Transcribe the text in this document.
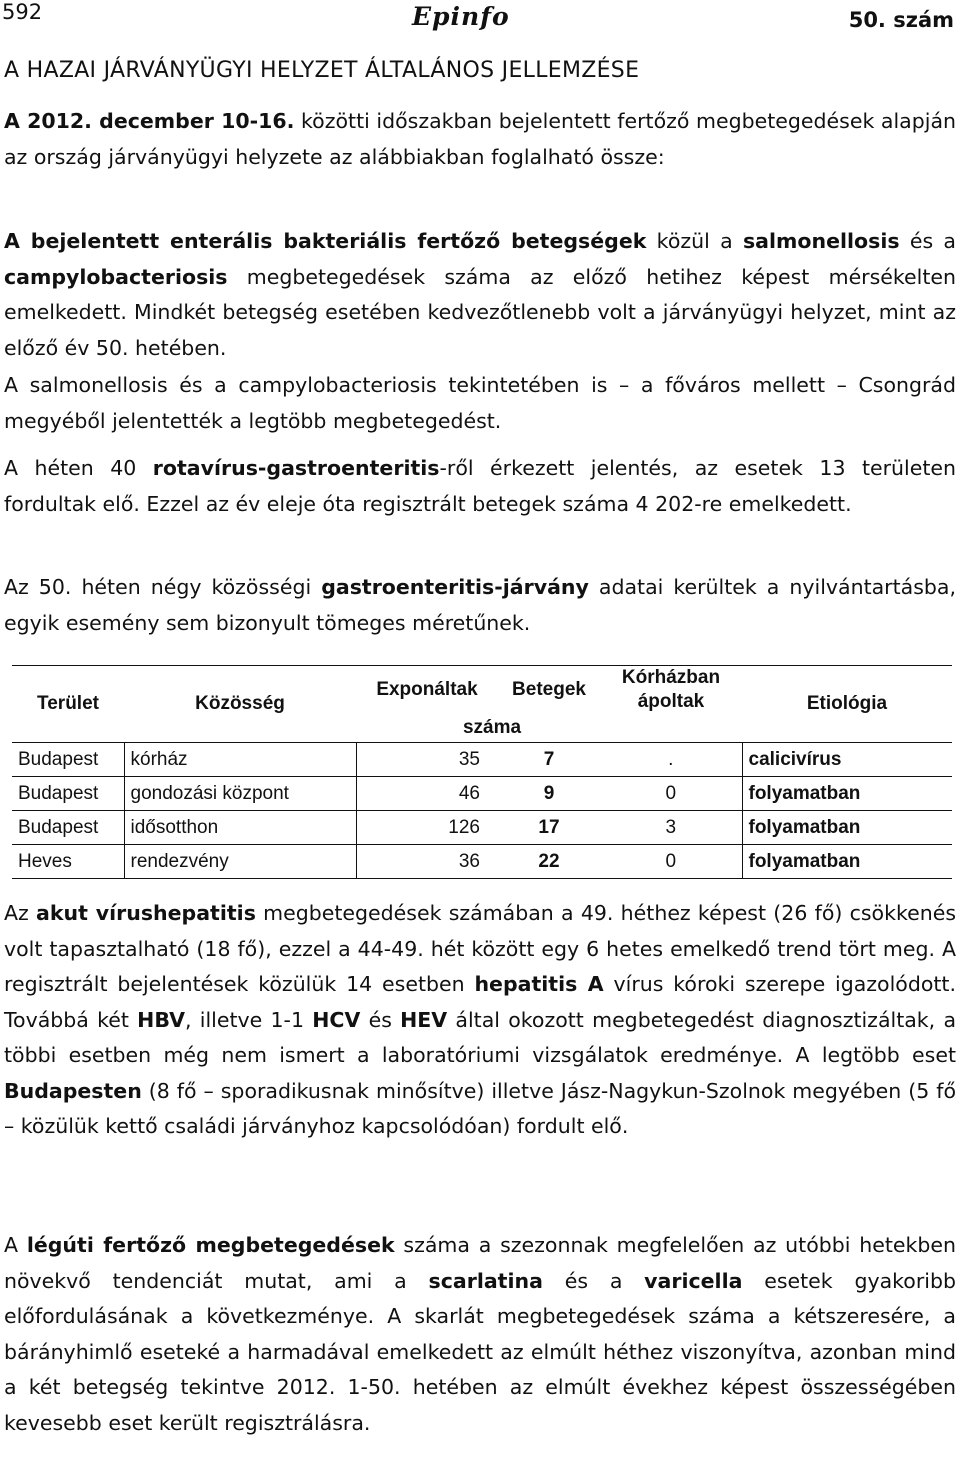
592	Epinfo	50. szám
A HAZAI JÁRVÁNYÜGYI HELYZET ÁLTALÁNOS JELLEMZÉSE

A 2012. december 10-16. közötti időszakban bejelentett fertőző megbetegedések alapján az ország járványügyi helyzete az alábbiakban foglalható össze:

A bejelentett enterális bakteriális fertőző betegségek közül a salmonellosis és a campylobacteriosis megbetegedések száma az előző hetihez képest mérsékelten emelkedett. Mindkét betegség esetében kedvezőtlenebb volt a járványügyi helyzet, mint az előző év 50. hetében.

A salmonellosis és a campylobacteriosis tekintetében is – a főváros mellett – Csongrád megyéből jelentették a legtöbb megbetegedést.

A héten 40 rotavírus-gastroenteritis-ről érkezett jelentés, az esetek 13 területen fordultak elő. Ezzel az év eleje óta regisztrált betegek száma 4 202-re emelkedett.

Az 50. héten négy közösségi gastroenteritis-járvány adatai kerültek a nyilvántartásba, egyik esemény sem bizonyult tömeges méretűnek.

Terület	Közösség	Exponáltak	Betegek	Kórházban ápoltak	Etiológia
		száma			
Budapest	kórház	35	7	.	calicivírus
Budapest	gondozási központ	46	9	0	folyamatban
Budapest	idősotthon	126	17	3	folyamatban
Heves	rendezvény	36	22	0	folyamatban

Az akut vírushepatitis megbetegedések számában a 49. héthez képest (26 fő) csökkenés volt tapasztalható (18 fő), ezzel a 44-49. hét között egy 6 hetes emelkedő trend tört meg. A regisztrált bejelentések közülük 14 esetben hepatitis A vírus kóroki szerepe igazolódott. Továbbá két HBV, illetve 1-1 HCV és HEV által okozott megbetegedést diagnosztizáltak, a többi esetben még nem ismert a laboratóriumi vizsgálatok eredménye. A legtöbb eset Budapesten (8 fő – sporadikusnak minősítve) illetve Jász-Nagykun-Szolnok megyében (5 fő – közülük kettő családi járványhoz kapcsolódóan) fordult elő.

A légúti fertőző megbetegedések száma a szezonnak megfelelően az utóbbi hetekben növekvő tendenciát mutat, ami a scarlatina és a varicella esetek gyakoribb előfordulásának a következménye. A skarlát megbetegedések száma a kétszeresére, a bárányhimlő eseteké a harmadával emelkedett az elmúlt héthez viszonyítva, azonban mind a két betegség tekintve 2012. 1-50. hetében az elmúlt évekhez képest összességében kevesebb eset került regisztrálásra.
